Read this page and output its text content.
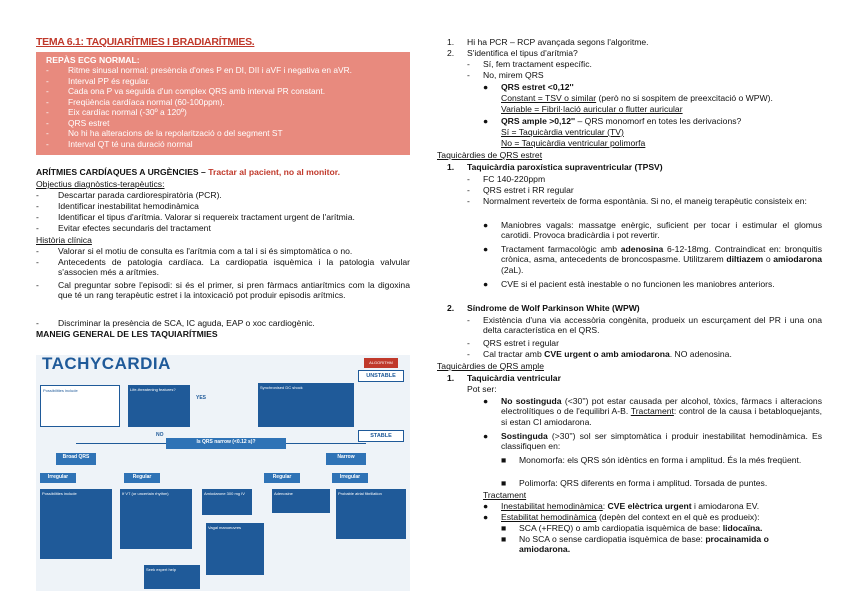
TEMA 6.1: TAQUIARÍTMIES I BRADIARÍTMIES.
REPÀS ECG NORMAL:
- Ritme sinusal normal: presència d'ones P en DI, DII i aVF i negativa en aVR.
- Interval PP és regular.
- Cada ona P va seguida d'un complex QRS amb interval PR constant.
- Freqüència cardíaca normal (60-100ppm).
- Eix cardíac normal (-30º a 120º)
- QRS estret
- No hi ha alteracions de la repolarització o del segment ST
- Interval QT té una duració normal
ARÍTMIES CARDÍAQUES A URGÈNCIES – Tractar al pacient, no al monitor.
Objectius diagnòstics-terapèutics:
- Descartar parada cardiorespiratòria (PCR).
- Identificar inestabilitat hemodinàmica
- Identificar el tipus d'arítmia. Valorar si requereix tractament urgent de l'arítmia.
- Evitar efectes secundaris del tractament
Història clínica
- Valorar si el motiu de consulta es l'arítmia com a tal i si és simptomàtica o no.
- Antecedents de patologia cardíaca. La cardiopatia isquèmica i la patologia valvular s'associen més a arítmies.
- Cal preguntar sobre l'episodi: si és el primer, si pren fàrmacs antiarítmics com la digoxina que té un rang terapèutic estret i la intoxicació pot produir episodis arítmics.
- Discriminar la presència de SCA, IC aguda, EAP o xoc cardiogènic.
MANEIG GENERAL DE LES TAQUIARÍTMIES
TACHYCARDIA	ALGORITHM
UNSTABLE
STABLE
Possibilities include	Life-threatening features?
YES
Synchronised DC shock
NO
Is QRS narrow (<0.12 s)?
Broad QRS	Narrow
Irregular	Regular	Regular	Irregular
Possibilities include	If VT (or uncertain rhythm)	Amiodarone 300 mg IV
Vagal manoeuvres
Adenosine	Probable atrial fibrillation
Seek expert help
1. Hi ha PCR – RCP avançada segons l'algoritme.
2. S'identifica el tipus d'arítmia?
- Sí, fem tractament específic.
- No, mirem QRS
● QRS estret <0,12''
Constant = TSV o similar (però no si sospitem de preexcitació o WPW).
Variable = Fibril·lació auricular o flutter auricular
● QRS ample >0,12'' – QRS monomorf en totes les derivacions?
Sí = Taquicàrdia ventricular (TV)
No = Taquicàrdia ventricular polimorfa
Taquicàrdies de QRS estret
1. Taquicàrdia paroxística supraventricular (TPSV)
- FC 140-220ppm
- QRS estret i RR regular
- Normalment reverteix de forma espontània. Si no, el maneig terapèutic consisteix en:
● Maniobres vagals: massatge enèrgic, suficient per tocar i estimular el glomus carotidi. Provoca bradicàrdia i pot revertir.
● Tractament farmacològic amb adenosina 6-12-18mg. Contraindicat en: bronquitis crònica, asma, antecedents de broncospasme. Utilitzarem diltiazem o amiodarona (2aL).
● CVE si el pacient està inestable o no funcionen les maniobres anteriors.
2. Síndrome de Wolf Parkinson White (WPW)
- Existència d'una via accessòria congènita, produeix un escurçament del PR i una ona delta característica en el QRS.
- QRS estret i regular
- Cal tractar amb CVE urgent o amb amiodarona. NO adenosina.
Taquicàrdies de QRS ample
1. Taquicàrdia ventricular
Pot ser:
● No sostinguda (<30'') pot estar causada per alcohol, tòxics, fàrmacs i alteracions electrolítiques o de l'equilibri A-B. Tractament: control de la causa i betabloquejants, si estan CI amiodarona.
● Sostinguda (>30'') sol ser simptomàtica i produir inestabilitat hemodinàmica. Es classifiquen en:
■ Monomorfa: els QRS són idèntics en forma i amplitud. És la més freqüent.
■ Polimorfa: QRS diferents en forma i amplitud. Torsada de puntes.
Tractament
● Inestabilitat hemodinàmica: CVE elèctrica urgent i amiodarona EV.
● Estabilitat hemodinàmica (depèn del context en el què es produeix):
■ SCA (+FREQ) o amb cardiopatia isquèmica de base: lidocaïna.
■ No SCA o sense cardiopatia isquèmica de base: procainamida o amiodarona.
